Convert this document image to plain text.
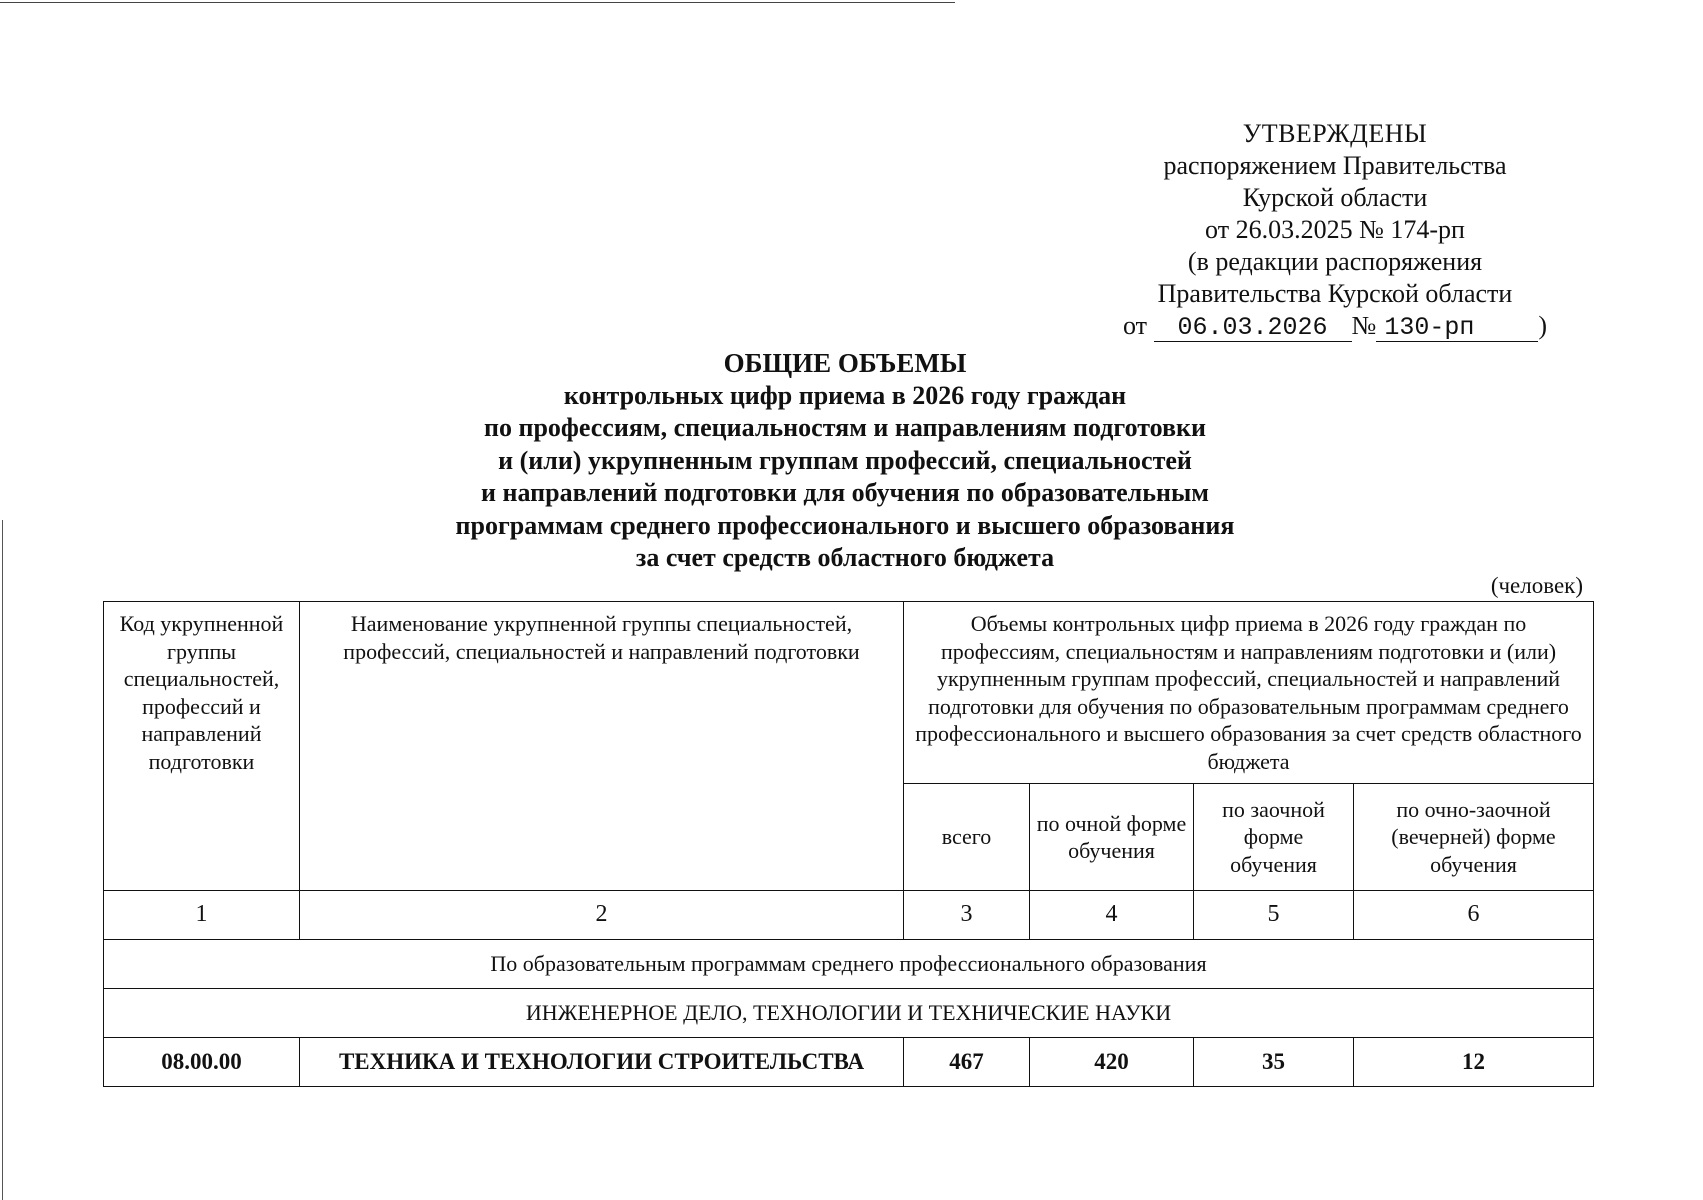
УТВЕРЖДЕНЫ
распоряжением Правительства
Курской области
от 26.03.2025 № 174-рп
(в редакции распоряжения
Правительства Курской области
от 06.03.2026 № 130-рп )
ОБЩИЕ ОБЪЕМЫ
контрольных цифр приема в 2026 году граждан
по профессиям, специальностям и направлениям подготовки
и (или) укрупненным группам профессий, специальностей
и направлений подготовки для обучения по образовательным
программам среднего профессионального и высшего образования
за счет средств областного бюджета
(человек)
Код укрупненной группы специальностей, профессий и направлений подготовки	Наименование укрупненной группы специальностей, профессий, специальностей и направлений подготовки	Объемы контрольных цифр приема в 2026 году граждан по профессиям, специальностям и направлениям подготовки и (или) укрупненным группам профессий, специальностей и направлений подготовки для обучения по образовательным программам среднего профессионального и высшего образования за счет средств областного бюджета			
		всего	по очной форме обучения	по заочной форме обучения	по очно-заочной (вечерней) форме обучения
1	2	3	4	5	6
По образовательным программам среднего профессионального образования					
ИНЖЕНЕРНОЕ ДЕЛО, ТЕХНОЛОГИИ И ТЕХНИЧЕСКИЕ НАУКИ					
08.00.00	ТЕХНИКА И ТЕХНОЛОГИИ СТРОИТЕЛЬСТВА	467	420	35	12
